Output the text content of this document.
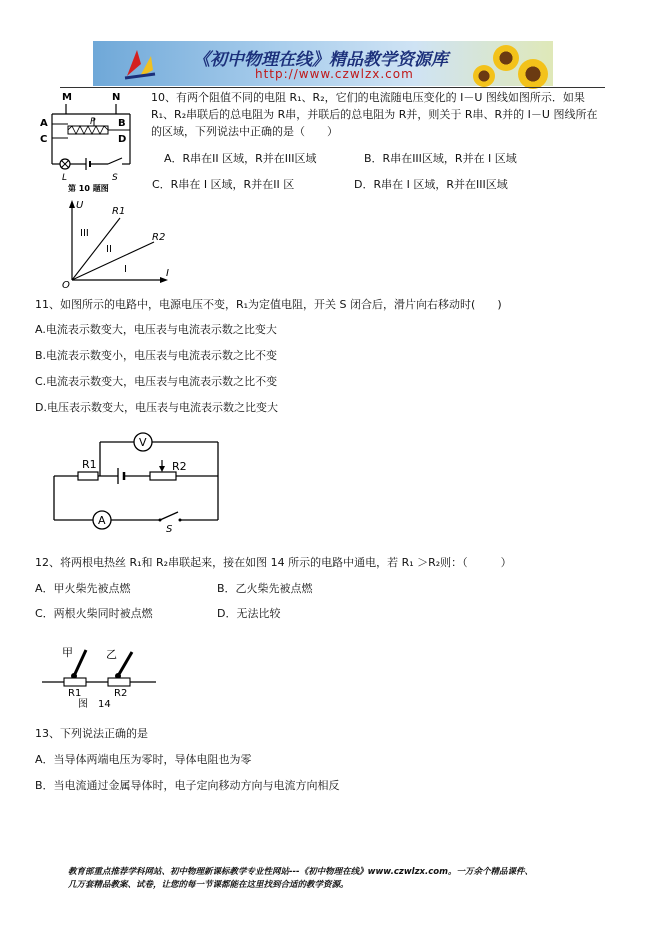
《初中物理在线》精品教学资源库
http://www.czwlzx.com
M	N
A	B
C	D
P
L	S
第 10 题图
10、有两个阻值不同的电阻 R₁、R₂，它们的电流随电压变化的 I－U 图线如图所示．如果
R₁、R₂串联后的总电阻为 R串，并联后的总电阻为 R并，则关于 R串、R并的 I－U 图线所在
的区域，下列说法中正确的是（　　）
A．R串在II 区域，R并在III区域	B．R串在III区域，R并在 I 区域
C．R串在 I 区域，R并在II 区	D．R串在 I 区域，R并在III区域
U
I
O
R1
R2
III
II
I
11、如图所示的电路中，电源电压不变，R₁为定值电阻，开关 S 闭合后，滑片向右移动时(　　)
A.电流表示数变大，电压表与电流表示数之比变大
B.电流表示数变小，电压表与电流表示数之比不变
C.电流表示数变大，电压表与电流表示数之比不变
D.电压表示数变大，电压表与电流表示数之比变大
A
S
R1	R2
V
12、将两根电热丝 R₁和 R₂串联起来，接在如图 14 所示的电路中通电，若 R₁ ＞R₂则：（　　　）
A．甲火柴先被点燃	B．乙火柴先被点燃
C．两根火柴同时被点燃	D．无法比较
甲	乙
R1	R2
图　14
13、下列说法正确的是
A．当导体两端电压为零时，导体电阻也为零
B．当电流通过金属导体时，电子定向移动方向与电流方向相反
教育部重点推荐学科网站、初中物理新课标教学专业性网站---《初中物理在线》www.czwlzx.com。一万余个精品课件、
几万套精品教案、试卷，让您的每一节课都能在这里找到合适的教学资源。
